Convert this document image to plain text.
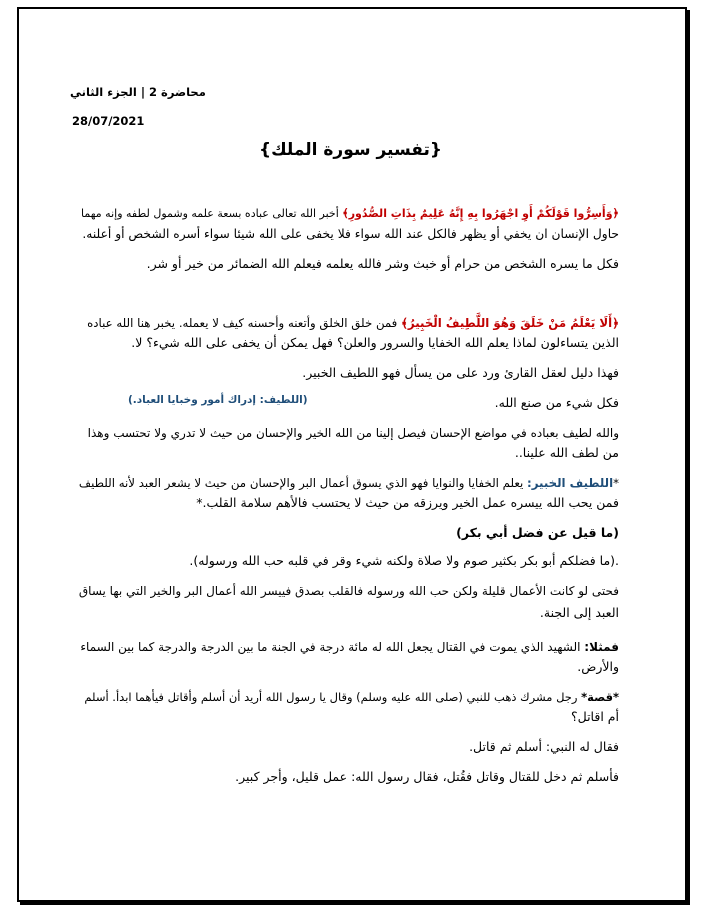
محاضرة 2 | الجزء الثاني
28/07/2021
{تفسير سورة الملك}
﴿وَأَسِرُّوا قَوْلَكُمْ أَوِ اجْهَرُوا بِهِ إِنَّهُ عَلِيمٌ بِذَاتِ الصُّدُورِ﴾ أخبر الله تعالى عباده بسعة علمه وشمول لطفه وإنه مهما
حاول الإنسان ان يخفي أو يظهر فالكل عند الله سواء فلا يخفى على الله شيئا سواء أسره الشخص أو أعلنه.
فكل ما يسره الشخص من حرام أو خبث وشر فالله يعلمه فيعلم الله الضمائر من خير أو شر.
﴿أَلَا يَعْلَمُ مَنْ خَلَقَ وَهُوَ اللَّطِيفُ الْخَبِيرُ﴾ فمن خلق الخلق وأتعنه وأحسنه كيف لا يعمله. يخبر هنا الله عباده
الذين يتساءلون لماذا يعلم الله الخفايا والسرور والعلن؟ فهل يمكن أن يخفى على الله شيء؟ لا.
فهذا دليل لعقل القارئ ورد على من يسأل فهو اللطيف الخبير.
فكل شيء من صنع الله.
(اللطيف: إدراك أمور وخبايا العباد.)
والله لطيف بعباده في مواضع الإحسان فيصل إلينا من الله الخير والإحسان من حيث لا تدري ولا تحتسب وهذا
من لطف الله علينا..
*اللطيف الخبير: يعلم الخفايا والنوايا فهو الذي يسوق أعمال البر والإحسان من حيث لا يشعر العبد لأنه اللطيف
فمن يحب الله ييسره عمل الخير ويرزقه من حيث لا يحتسب فالأهم سلامة القلب.*
(ما قيل عن فضل أبي بكر)
.(ما فضلكم أبو بكر بكثير صوم ولا صلاة ولكنه شيء وقر في قلبه حب الله ورسوله).
فحتى لو كانت الأعمال قليلة ولكن حب الله ورسوله فالقلب بصدق فييسر الله أعمال البر والخير التي بها يساق
العبد إلى الجنة.
فمثلا: الشهيد الذي يموت في القتال يجعل الله له مائة درجة في الجنة ما بين الدرجة والدرجة كما بين السماء
والأرض.
*قصة* رجل مشرك ذهب للنبي (صلى الله عليه وسلم) وقال يا رسول الله أريد أن أسلم وأقاتل فيأهما ابدأ. أسلم
أم اقاتل؟
فقال له النبي: أسلم ثم قاتل.
فأسلم ثم دخل للقتال وقاتل فقُتل، فقال رسول الله: عمل قليل، وأجر كبير.
